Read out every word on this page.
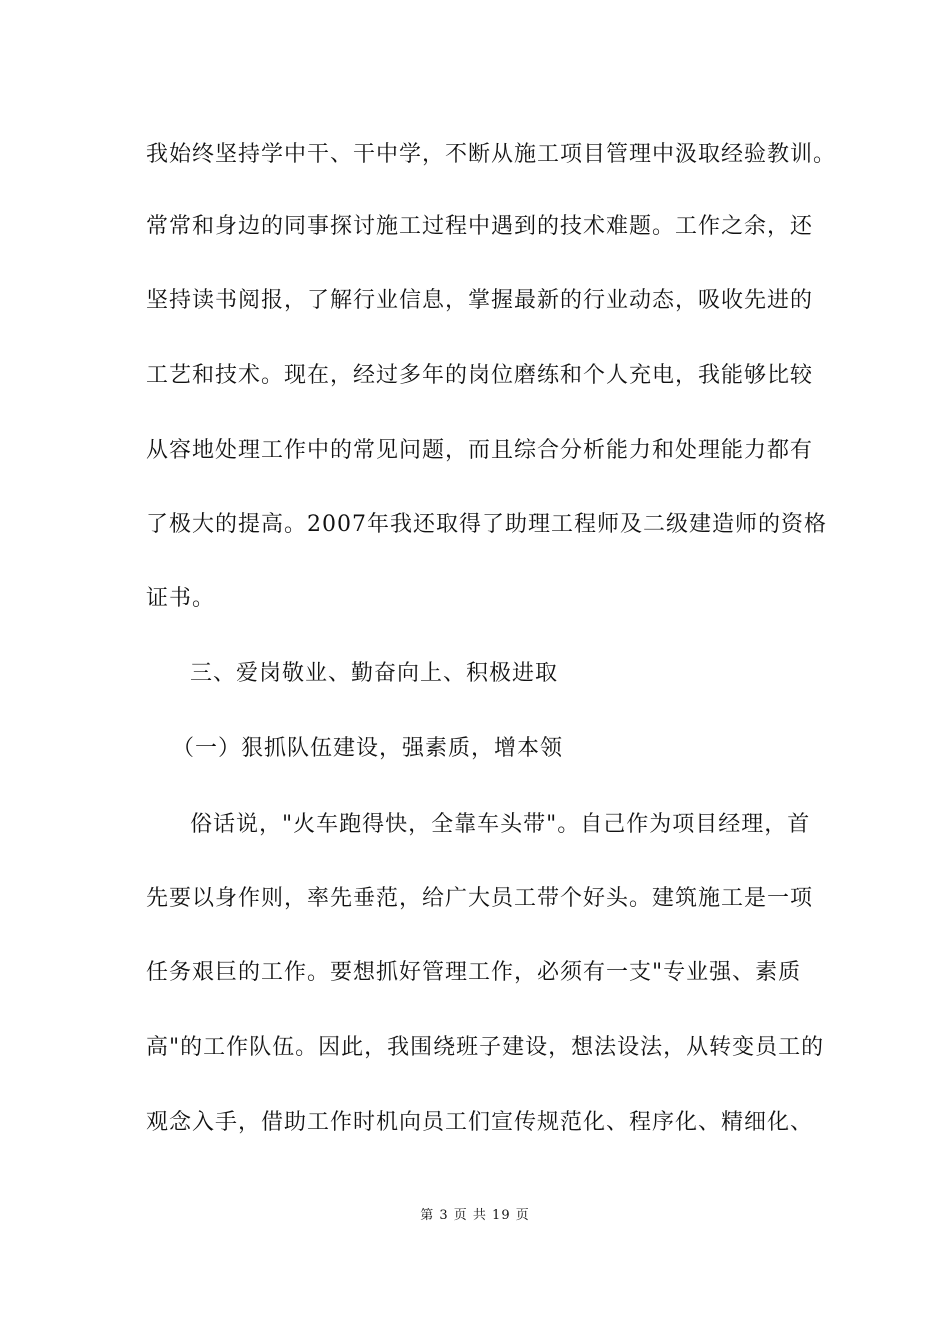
我始终坚持学中干、干中学，不断从施工项目管理中汲取经验教训。
常常和身边的同事探讨施工过程中遇到的技术难题。工作之余，还
坚持读书阅报，了解行业信息，掌握最新的行业动态，吸收先进的
工艺和技术。现在，经过多年的岗位磨练和个人充电，我能够比较
从容地处理工作中的常见问题，而且综合分析能力和处理能力都有
了极大的提高。2007年我还取得了助理工程师及二级建造师的资格
证书。
三、爱岗敬业、勤奋向上、积极进取
（一）狠抓队伍建设，强素质，增本领
俗话说，"火车跑得快，全靠车头带"。自己作为项目经理，首
先要以身作则，率先垂范，给广大员工带个好头。建筑施工是一项
任务艰巨的工作。要想抓好管理工作，必须有一支"专业强、素质
高"的工作队伍。因此，我围绕班子建设，想法设法，从转变员工的
观念入手，借助工作时机向员工们宣传规范化、程序化、精细化、
第 3 页 共 19 页
